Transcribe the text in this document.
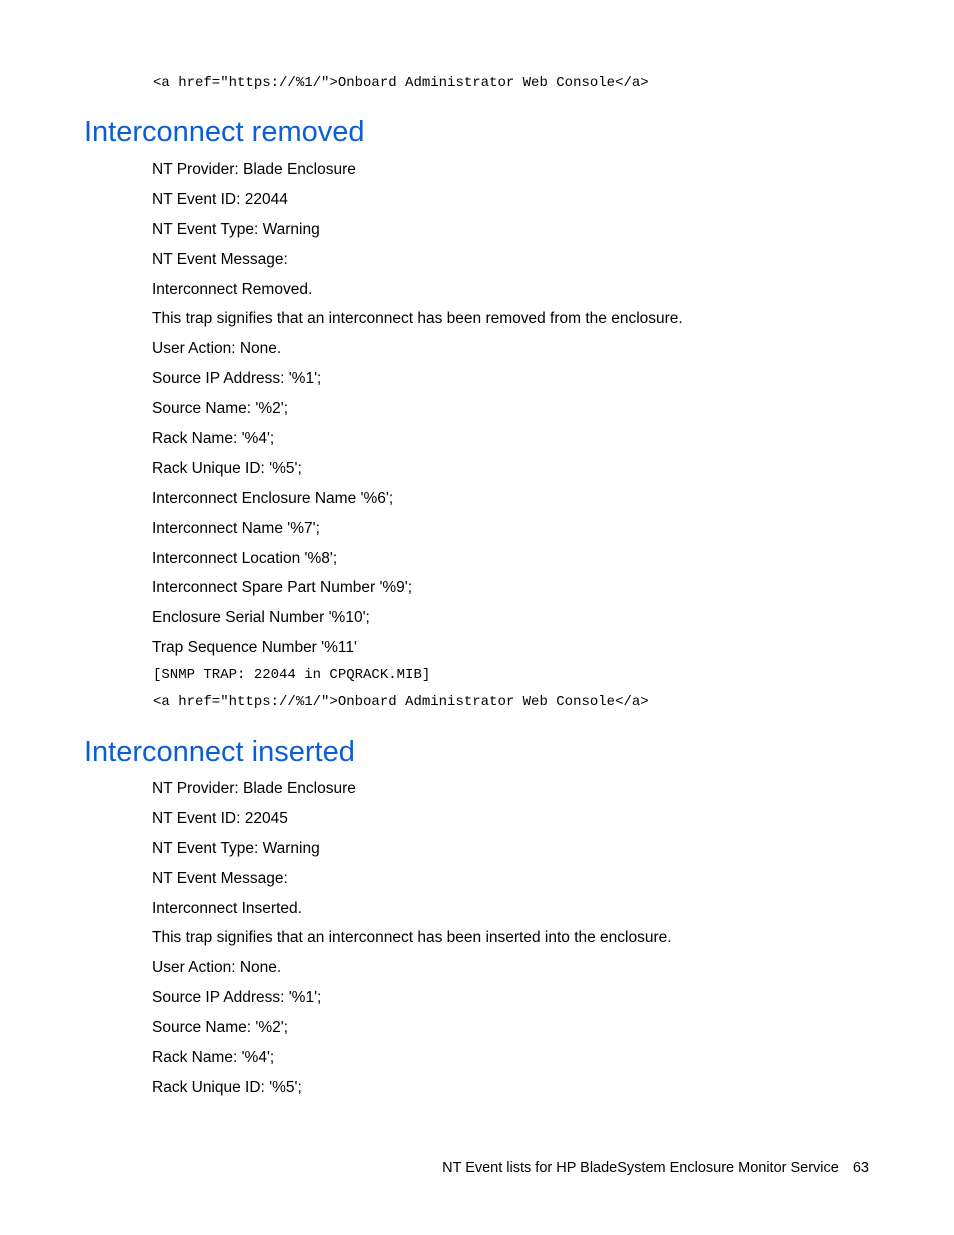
<a href="https://%1/">Onboard Administrator Web Console</a>
Interconnect removed
NT Provider: Blade Enclosure
NT Event ID: 22044
NT Event Type: Warning
NT Event Message:
Interconnect Removed.
This trap signifies that an interconnect has been removed from the enclosure.
User Action: None.
Source IP Address: '%1';
Source Name: '%2';
Rack Name: '%4';
Rack Unique ID: '%5';
Interconnect Enclosure Name '%6';
Interconnect Name '%7';
Interconnect Location '%8';
Interconnect Spare Part Number '%9';
Enclosure Serial Number '%10';
Trap Sequence Number '%11'
[SNMP TRAP: 22044 in CPQRACK.MIB]
<a href="https://%1/">Onboard Administrator Web Console</a>
Interconnect inserted
NT Provider: Blade Enclosure
NT Event ID: 22045
NT Event Type: Warning
NT Event Message:
Interconnect Inserted.
This trap signifies that an interconnect has been inserted into the enclosure.
User Action: None.
Source IP Address: '%1';
Source Name: '%2';
Rack Name: '%4';
Rack Unique ID: '%5';
NT Event lists for HP BladeSystem Enclosure Monitor Service 63
